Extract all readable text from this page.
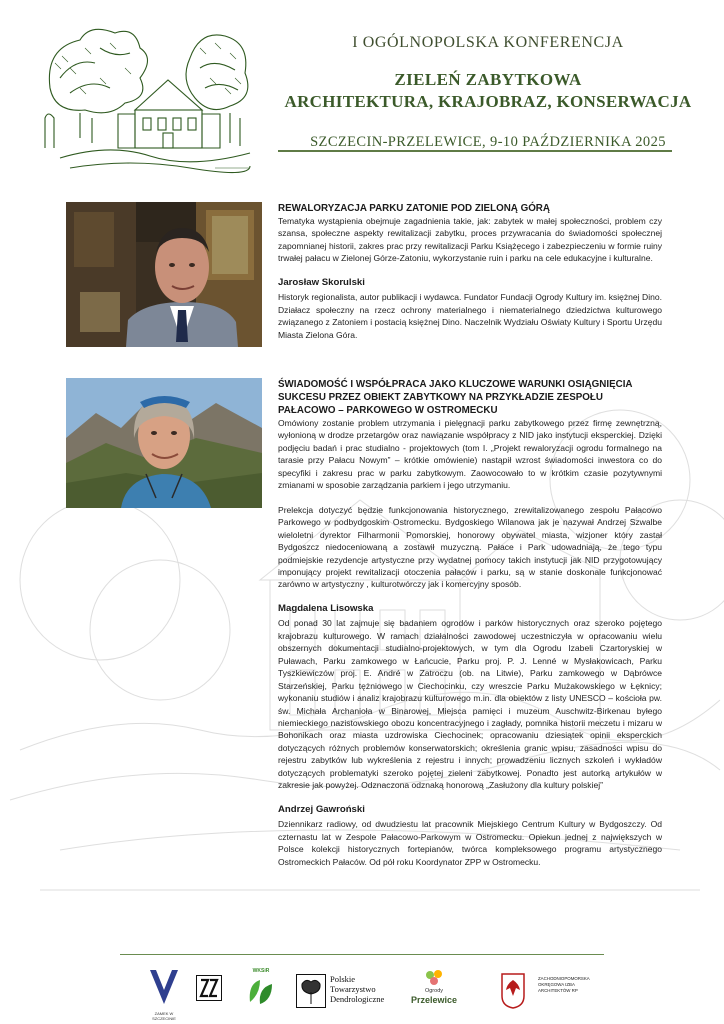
I OGÓLNOPOLSKA KONFERENCJA
ZIELEŃ ZABYTKOWA
ARCHITEKTURA, KRAJOBRAZ, KONSERWACJA
SZCZECIN-PRZELEWICE, 9-10 PAŹDZIERNIKA 2025
REWALORYZACJA PARKU ZATONIE POD ZIELONĄ GÓRĄ
Tematyka wystąpienia obejmuje zagadnienia takie, jak: zabytek w małej społeczności, problem czy szansa, społeczne aspekty rewitalizacji zabytku, proces przywracania do świadomości społecznej zapomnianej historii, zakres prac przy rewitalizacji Parku Książęcego i zabezpieczeniu w formie ruiny trwałej pałacu w Zielonej Górze-Zatoniu, wykorzystanie ruin i parku na cele edukacyjne i kulturalne.
Jarosław Skorulski
Historyk regionalista, autor publikacji i wydawca. Fundator Fundacji Ogrody Kultury im. księżnej Dino. Działacz społeczny na rzecz ochrony materialnego i niematerialnego dziedzictwa kulturowego związanego z Zatoniem i postacią księżnej Dino. Naczelnik Wydziału Oświaty Kultury i Sportu Urzędu Miasta Zielona Góra.
ŚWIADOMOŚĆ I WSPÓŁPRACA JAKO KLUCZOWE WARUNKI OSIĄGNIĘCIA SUKCESU PRZEZ OBIEKT ZABYTKOWY NA PRZYKŁADZIE ZESPOŁU PAŁACOWO – PARKOWEGO W OSTROMECKU
Omówiony zostanie problem utrzymania i pielęgnacji parku zabytkowego przez firmę zewnętrzną, wyłonioną w drodze przetargów oraz nawiązanie współpracy z NID jako instytucji eksperckiej. Dzięki podjęciu badań i prac studialno - projektowych (tom I. „Projekt rewaloryzacji ogrodu formalnego na tarasie przy Pałacu Nowym” – krótkie omówienie) nastąpił wzrost świadomości inwestora co do specyfiki i zakresu prac w parku zabytkowym. Zaowocowało to w krótkim czasie pozytywnymi zmianami w sposobie zarządzania parkiem i jego utrzymaniu.
Prelekcja dotyczyć będzie funkcjonowania historycznego, zrewitalizowanego zespołu Pałacowo Parkowego w podbydgoskim Ostromecku. Bydgoskiego Wilanowa jak je nazywał Andrzej Szwalbe wieloletni dyrektor Filharmonii Pomorskiej, honorowy obywatel miasta, wizjoner który zastał Bydgoszcz niedoceniowaną a zostawił muzyczną. Pałace i Park udowadniają, że tego typu podmiejskie rezydencje artystyczne przy wydatnej pomocy takich instytucji jak NID przygotowujący imponujący projekt rewitalizacji otoczenia pałaców i parku, są w stanie doskonale funkcjonować zarówno w artystyczny , kulturotwórczy jak i komercyjny sposób.
Magdalena Lisowska
Od ponad 30 lat zajmuje się badaniem ogrodów i parków historycznych oraz szeroko pojętego krajobrazu kulturowego. W ramach działalności zawodowej uczestniczyła w opracowaniu wielu obszernych dokumentacji studialno-projektowych, w tym dla Ogrodu Izabeli Czartoryskiej w Puławach, Parku zamkowego w Łańcucie, Parku proj. P. J. Lenné w Mysłakowicach, Parku Tyszkiewiczów proj. E. André w Zatroczu (ob. na Litwie), Parku zamkowego w Dąbrówce Starzeńskiej, Parku tężniowego w Ciechocinku, czy wreszcie Parku Mużakowskiego w Łęknicy; wykonaniu studiów i analiz krajobrazu kulturowego m.in. dla obiektów z listy UNESCO – kościoła pw. św. Michała Archanioła w Binarowej, Miejsca pamięci i muzeum Auschwitz-Birkenau byłego niemieckiego nazistowskiego obozu koncentracyjnego i zagłady, pomnika historii meczetu i mizaru w Bohonikach oraz miasta uzdrowiska Ciechocinek; opracowaniu dziesiątek opinii eksperckich dotyczących różnych problemów konserwatorskich; określenia granic wpisu, zasadności wpisu do rejestru zabytków lub wykreślenia z rejestru i innych; prowadzeniu licznych szkoleń i wykładów dotyczących problematyki szeroko pojętej zieleni zabytkowej. Ponadto jest autorką artykułów w zakresie jak powyżej. Odznaczona odznaką honorową „Zasłużony dla kultury polskiej”
Andrzej Gawroński
Dziennikarz radiowy, od dwudziestu lat pracownik Miejskiego Centrum Kultury w Bydgoszczy. Od czternastu lat w Zespole Pałacowo-Parkowym w Ostromecku. Opiekun jednej z największych w Polsce kolekcji historycznych fortepianów, twórca kompleksowego programu artystycznego Ostromeckich Pałaców. Od pół roku Koordynator ZPP w Ostromecku.
ZAMEK W SZCZECINIE
WKSiR
Polskie
Towarzystwo
Dendrologiczne
Ogrody
Przelewice
ZACHODNIOPOMORSKA
OKRĘGOWA IZBA
ARCHITEKTÓW RP
